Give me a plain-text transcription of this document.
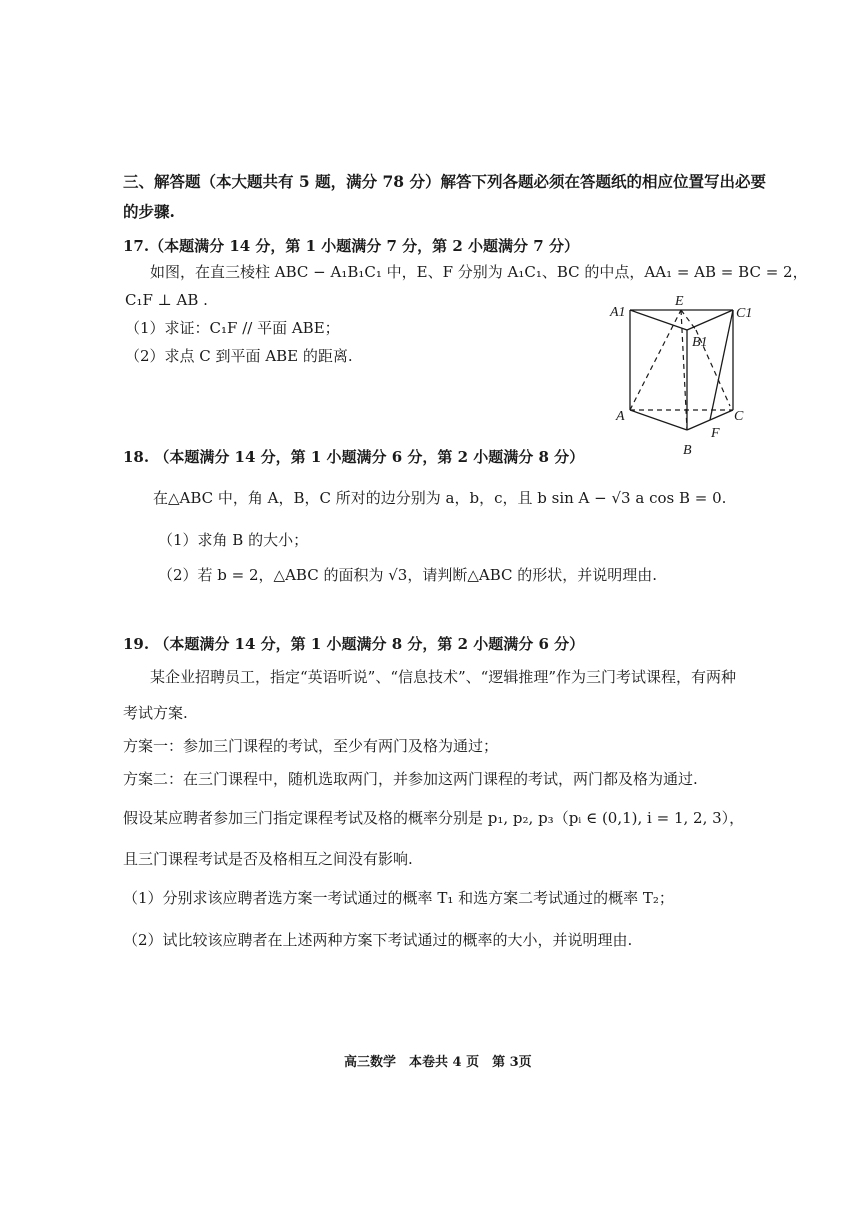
三、解答题（本大题共有 5 题，满分 78 分）解答下列各题必须在答题纸的相应位置写出必要
的步骤.
17.（本题满分 14 分，第 1 小题满分 7 分，第 2 小题满分 7 分）
如图，在直三棱柱 ABC − A₁B₁C₁ 中，E、F 分别为 A₁C₁、BC 的中点，AA₁ = AB = BC = 2，
C₁F ⊥ AB .
（1）求证：C₁F // 平面 ABE；
（2）求点 C 到平面 ABE 的距离.
A1
E
C1
B1
A	C
F
B
18. （本题满分 14 分，第 1 小题满分 6 分，第 2 小题满分 8 分）
在△ABC 中，角 A，B，C 所对的边分别为 a，b，c，且 b sin A − √3 a cos B = 0.
（1）求角 B 的大小；
（2）若 b = 2，△ABC 的面积为 √3，请判断△ABC 的形状，并说明理由.
19. （本题满分 14 分，第 1 小题满分 8 分，第 2 小题满分 6 分）
某企业招聘员工，指定“英语听说”、“信息技术”、“逻辑推理”作为三门考试课程，有两种
考试方案.
方案一：参加三门课程的考试，至少有两门及格为通过；
方案二：在三门课程中，随机选取两门，并参加这两门课程的考试，两门都及格为通过.
假设某应聘者参加三门指定课程考试及格的概率分别是 p₁, p₂, p₃（pᵢ ∈ (0,1), i = 1, 2, 3），
且三门课程考试是否及格相互之间没有影响.
（1）分别求该应聘者选方案一考试通过的概率 T₁ 和选方案二考试通过的概率 T₂；
（2）试比较该应聘者在上述两种方案下考试通过的概率的大小，并说明理由.
高三数学　本卷共 4 页　第 3页
